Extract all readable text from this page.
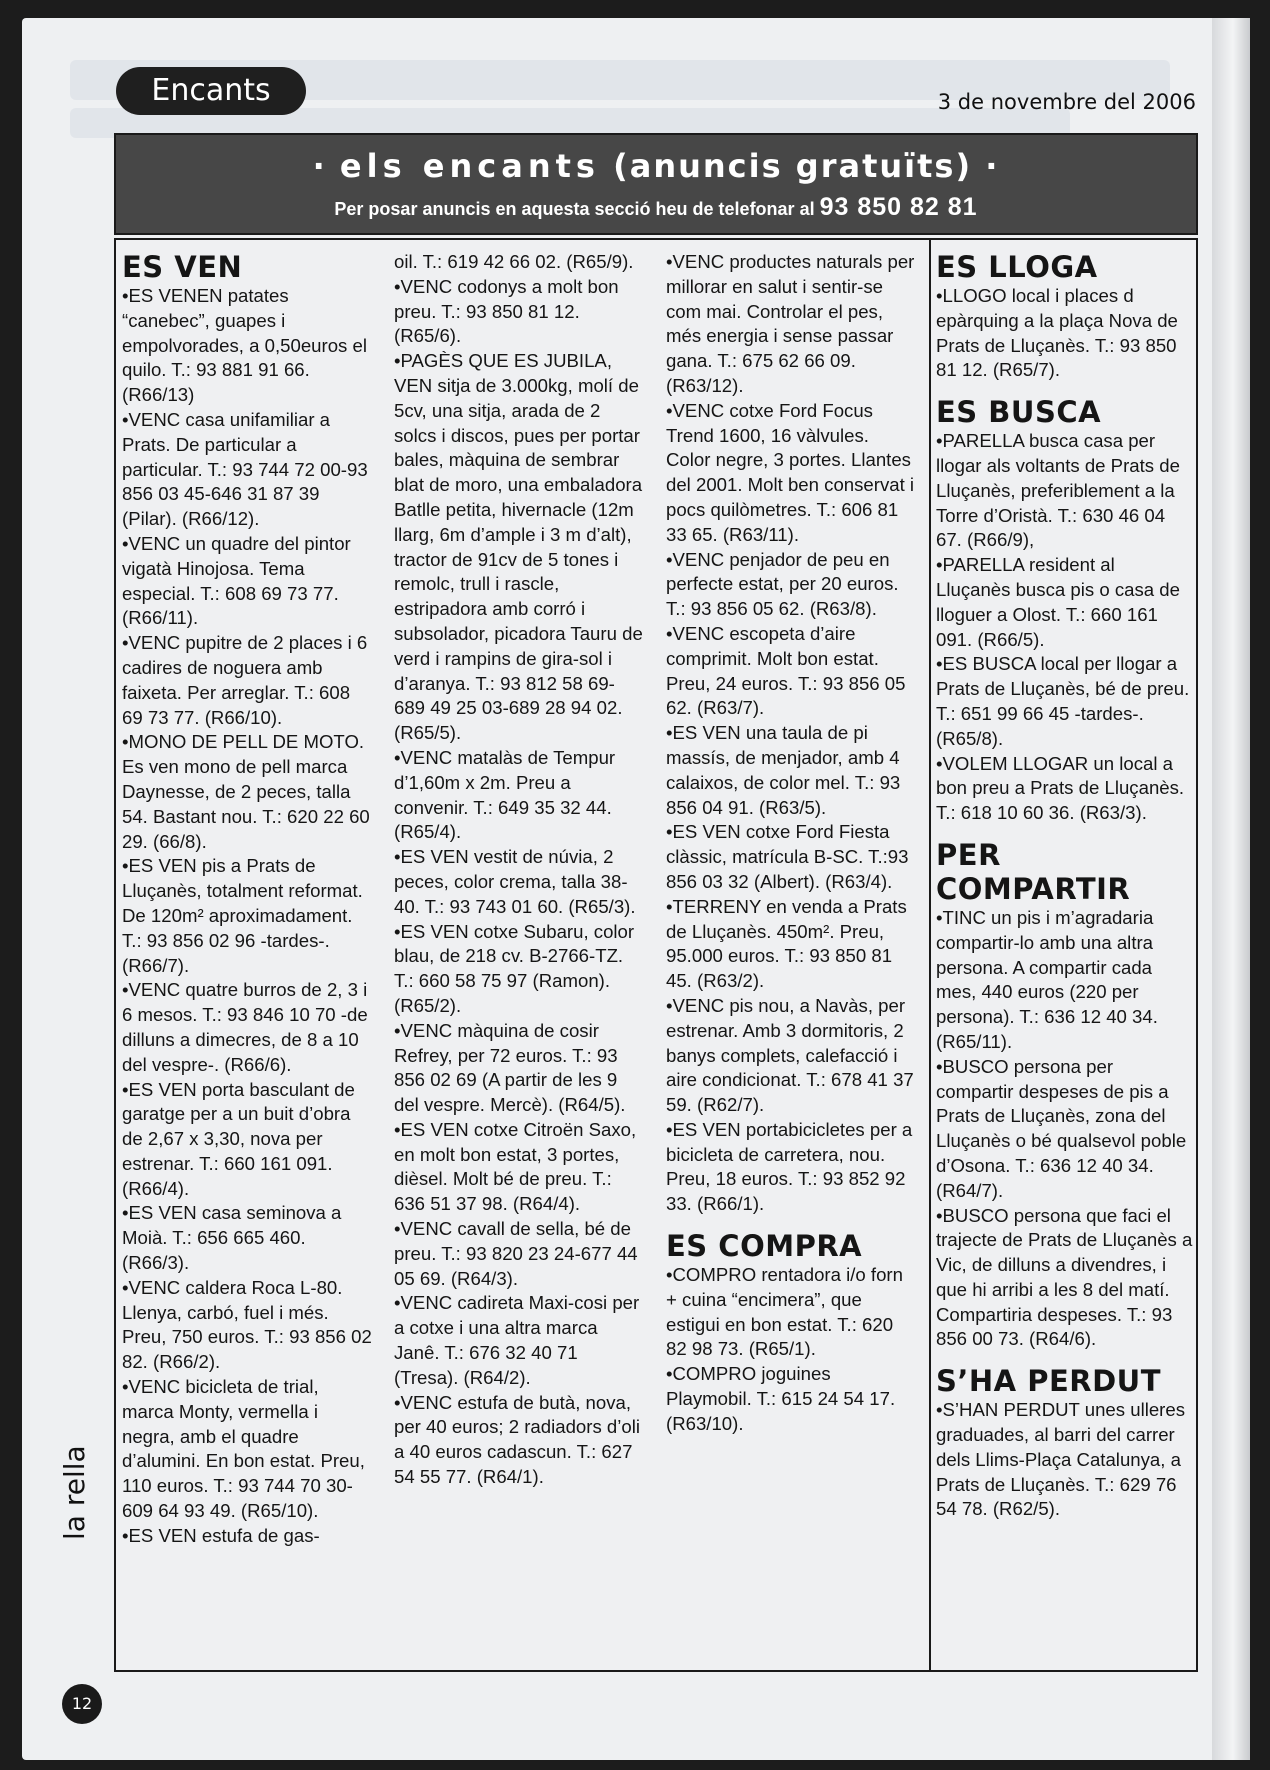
Encants	3 de novembre del 2006
· els encants (anuncis gratuïts) ·
Per posar anuncis en aquesta secció heu de telefonar al 93 850 82 81
ES VEN
•ES VENEN patates “canebec”, guapes i empolvorades, a 0,50euros el quilo. T.: 93 881 91 66. (R66/13)
•VENC casa unifamiliar a Prats. De particular a particular. T.: 93 744 72 00-93 856 03 45-646 31 87 39 (Pilar). (R66/12).
•VENC un quadre del pintor vigatà Hinojosa. Tema especial. T.: 608 69 73 77. (R66/11).
•VENC pupitre de 2 places i 6 cadires de noguera amb faixeta. Per arreglar. T.: 608 69 73 77. (R66/10).
•MONO DE PELL DE MOTO. Es ven mono de pell marca Daynesse, de 2 peces, talla 54. Bastant nou. T.: 620 22 60 29. (66/8).
•ES VEN pis a Prats de Lluçanès, totalment reformat. De 120m² aproximadament. T.: 93 856 02 96 -tardes-. (R66/7).
•VENC quatre burros de 2, 3 i 6 mesos. T.: 93 846 10 70 -de dilluns a dimecres, de 8 a 10 del vespre-. (R66/6).
•ES VEN porta basculant de garatge per a un buit d’obra de 2,67 x 3,30, nova per estrenar. T.: 660 161 091. (R66/4).
•ES VEN casa seminova a Moià. T.: 656 665 460. (R66/3).
•VENC caldera Roca L-80. Llenya, carbó, fuel i més. Preu, 750 euros. T.: 93 856 02 82. (R66/2).
•VENC bicicleta de trial, marca Monty, vermella i negra, amb el quadre d’alumini. En bon estat. Preu, 110 euros. T.: 93 744 70 30-609 64 93 49. (R65/10).
•ES VEN estufa de gas-
oil. T.: 619 42 66 02. (R65/9).
•VENC codonys a molt bon preu. T.: 93 850 81 12. (R65/6).
•PAGÈS QUE ES JUBILA, VEN sitja de 3.000kg, molí de 5cv, una sitja, arada de 2 solcs i discos, pues per portar bales, màquina de sembrar blat de moro, una embaladora Batlle petita, hivernacle (12m llarg, 6m d’ample i 3 m d’alt), tractor de 91cv de 5 tones i remolc, trull i rascle, estripadora amb corró i subsolador, picadora Tauru de verd i rampins de gira-sol i d’aranya. T.: 93 812 58 69-689 49 25 03-689 28 94 02. (R65/5).
•VENC matalàs de Tempur d’1,60m x 2m. Preu a convenir. T.: 649 35 32 44. (R65/4).
•ES VEN vestit de núvia, 2 peces, color crema, talla 38-40. T.: 93 743 01 60. (R65/3).
•ES VEN cotxe Subaru, color blau, de 218 cv. B-2766-TZ. T.: 660 58 75 97 (Ramon). (R65/2).
•VENC màquina de cosir Refrey, per 72 euros. T.: 93 856 02 69 (A partir de les 9 del vespre. Mercè). (R64/5).
•ES VEN cotxe Citroën Saxo, en molt bon estat, 3 portes, dièsel. Molt bé de preu. T.: 636 51 37 98. (R64/4).
•VENC cavall de sella, bé de preu. T.: 93 820 23 24-677 44 05 69. (R64/3).
•VENC cadireta Maxi-cosi per a cotxe i una altra marca Janê. T.: 676 32 40 71 (Tresa). (R64/2).
•VENC estufa de butà, nova, per 40 euros; 2 radiadors d’oli a 40 euros cadascun. T.: 627 54 55 77. (R64/1).
•VENC productes naturals per millorar en salut i sentir-se com mai. Controlar el pes, més energia i sense passar gana. T.: 675 62 66 09. (R63/12).
•VENC cotxe Ford Focus Trend 1600, 16 vàlvules. Color negre, 3 portes. Llantes del 2001. Molt ben conservat i pocs quilòmetres. T.: 606 81 33 65. (R63/11).
•VENC penjador de peu en perfecte estat, per 20 euros. T.: 93 856 05 62. (R63/8).
•VENC escopeta d’aire comprimit. Molt bon estat. Preu, 24 euros. T.: 93 856 05 62. (R63/7).
•ES VEN una taula de pi massís, de menjador, amb 4 calaixos, de color mel. T.: 93 856 04 91. (R63/5).
•ES VEN cotxe Ford Fiesta clàssic, matrícula B-SC. T.:93 856 03 32 (Albert). (R63/4).
•TERRENY en venda a Prats de Lluçanès. 450m². Preu, 95.000 euros. T.: 93 850 81 45. (R63/2).
•VENC pis nou, a Navàs, per estrenar. Amb 3 dormitoris, 2 banys complets, calefacció i aire condicionat. T.: 678 41 37 59. (R62/7).
•ES VEN portabicicletes per a bicicleta de carretera, nou. Preu, 18 euros. T.: 93 852 92 33. (R66/1).
ES COMPRA
•COMPRO rentadora i/o forn + cuina “encimera”, que estigui en bon estat. T.: 620 82 98 73. (R65/1).
•COMPRO joguines Playmobil. T.: 615 24 54 17. (R63/10).
ES LLOGA
•LLOGO local i places d epàrquing a la plaça Nova de Prats de Lluçanès. T.: 93 850 81 12. (R65/7).
ES BUSCA
•PARELLA busca casa per llogar als voltants de Prats de Lluçanès, preferiblement a la Torre d’Oristà. T.: 630 46 04 67. (R66/9),
•PARELLA resident al Lluçanès busca pis o casa de lloguer a Olost. T.: 660 161 091. (R66/5).
•ES BUSCA local per llogar a Prats de Lluçanès, bé de preu. T.: 651 99 66 45 -tardes-. (R65/8).
•VOLEM LLOGAR un local a bon preu a Prats de Lluçanès. T.: 618 10 60 36. (R63/3).
PER COMPARTIR
•TINC un pis i m’agradaria compartir-lo amb una altra persona. A compartir cada mes, 440 euros (220 per persona). T.: 636 12 40 34. (R65/11).
•BUSCO persona per compartir despeses de pis a Prats de Lluçanès, zona del Lluçanès o bé qualsevol poble d’Osona. T.: 636 12 40 34. (R64/7).
•BUSCO persona que faci el trajecte de Prats de Lluçanès a Vic, de dilluns a divendres, i que hi arribi a les 8 del matí. Compartiria despeses. T.: 93 856 00 73. (R64/6).
S’HA PERDUT
•S’HAN PERDUT unes ulleres graduades, al barri del carrer dels Llims-Plaça Catalunya, a Prats de Lluçanès. T.: 629 76 54 78. (R62/5).
la rella
12
